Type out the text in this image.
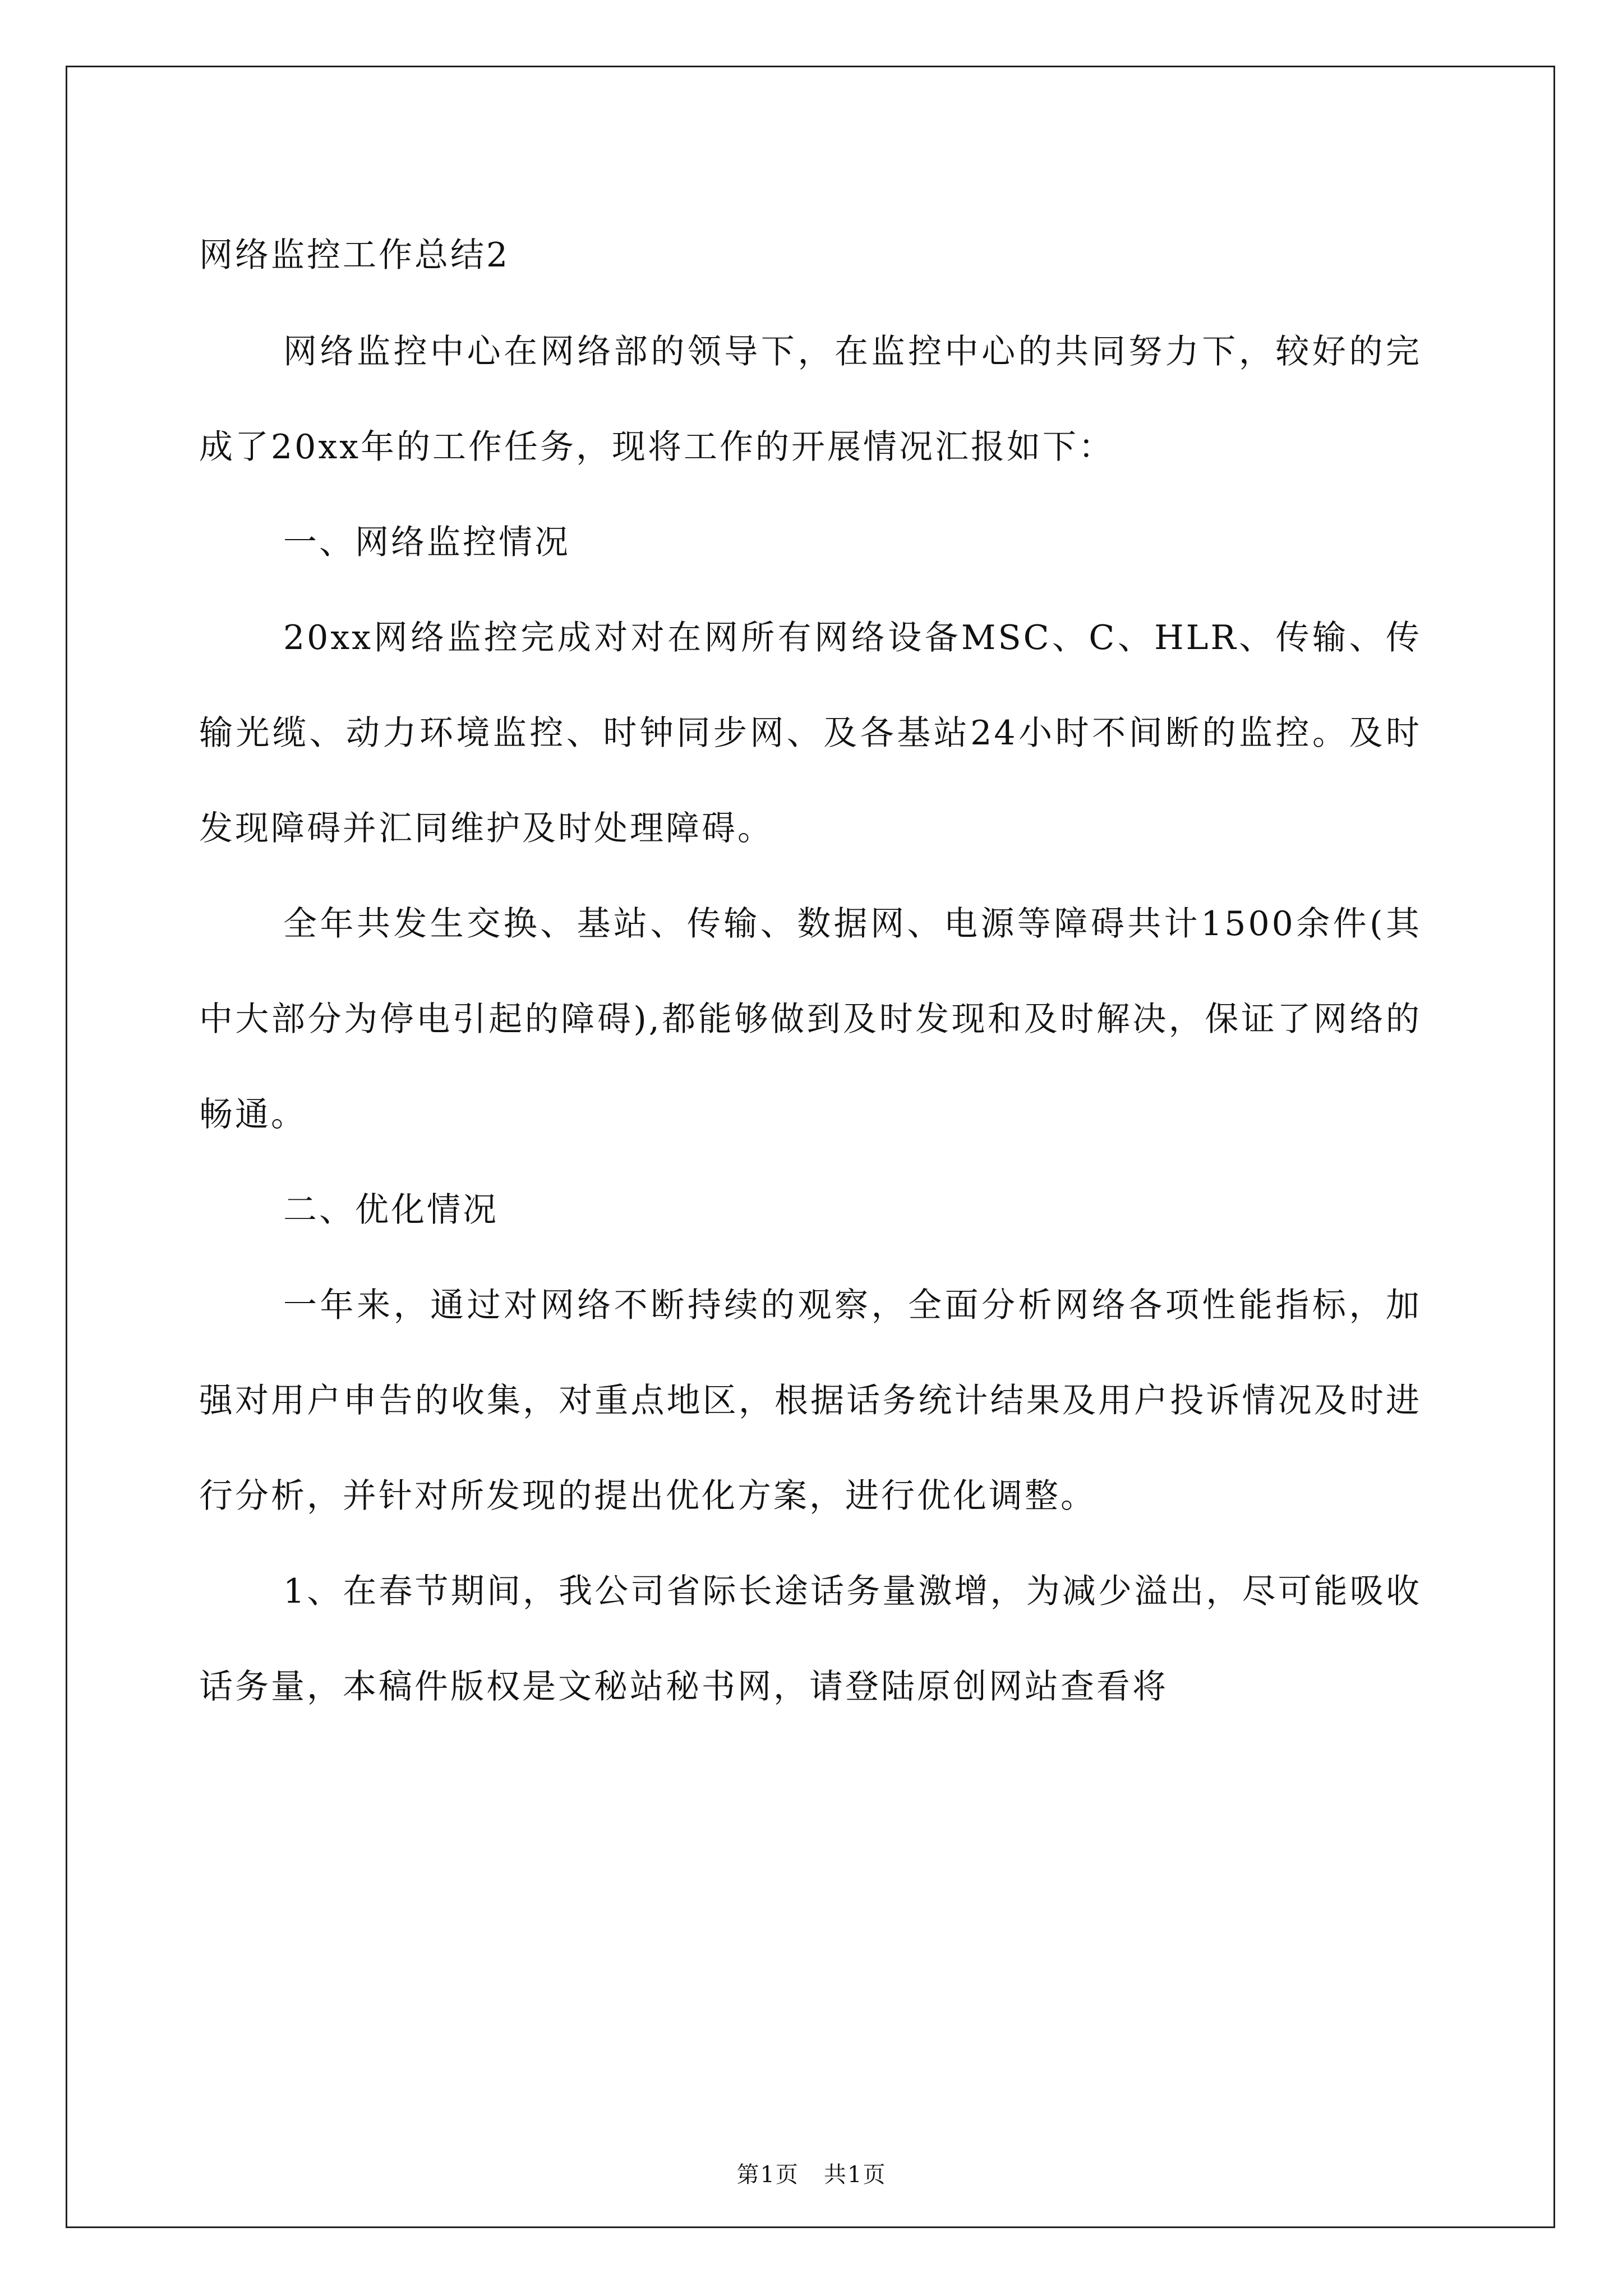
网络监控工作总结2

网络监控中心在网络部的领导下，在监控中心的共同努力下，较好的完成了20xx年的工作任务，现将工作的开展情况汇报如下：

一、网络监控情况

20xx网络监控完成对对在网所有网络设备MSC、C、HLR、传输、传输光缆、动力环境监控、时钟同步网、及各基站24小时不间断的监控。及时发现障碍并汇同维护及时处理障碍。

全年共发生交换、基站、传输、数据网、电源等障碍共计1500余件(其中大部分为停电引起的障碍),都能够做到及时发现和及时解决，保证了网络的畅通。

二、优化情况

一年来，通过对网络不断持续的观察，全面分析网络各项性能指标，加强对用户申告的收集，对重点地区，根据话务统计结果及用户投诉情况及时进行分析，并针对所发现的提出优化方案，进行优化调整。

1、在春节期间，我公司省际长途话务量激增，为减少溢出，尽可能吸收话务量，本稿件版权是文秘站秘书网，请登陆原创网站查看将

第1页   共1页
